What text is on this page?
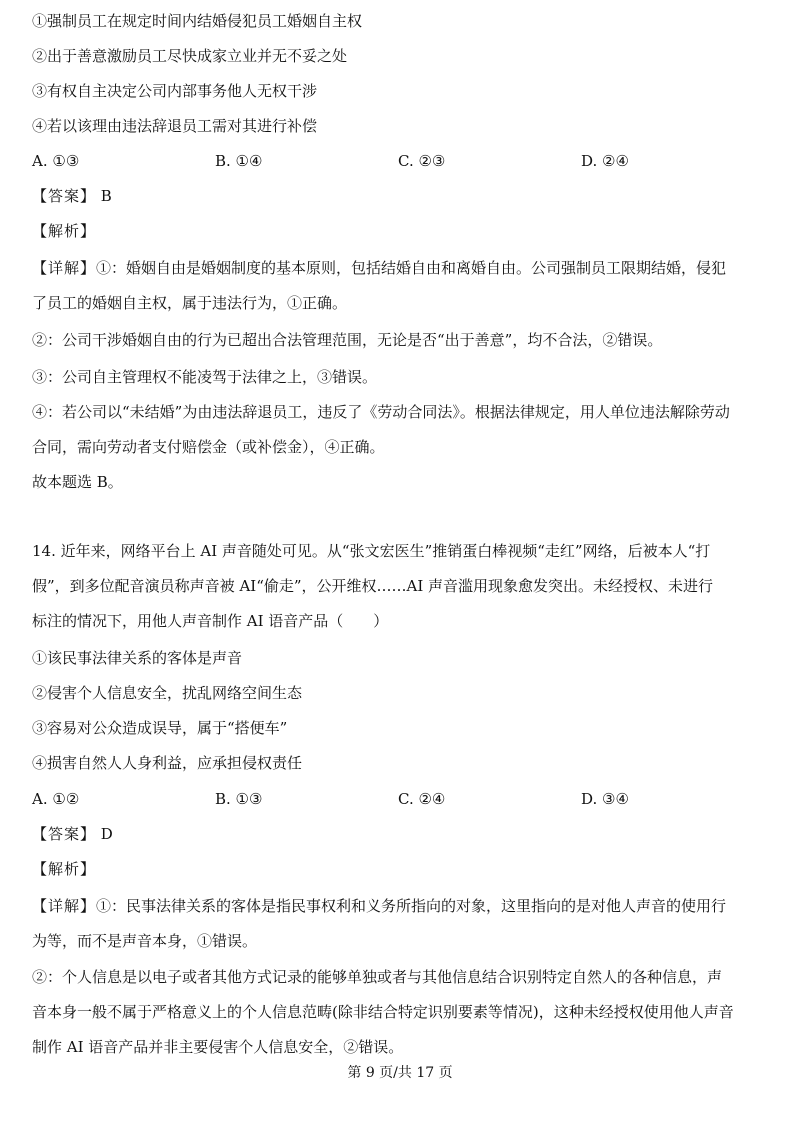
①强制员工在规定时间内结婚侵犯员工婚姻自主权
②出于善意激励员工尽快成家立业并无不妥之处
③有权自主决定公司内部事务他人无权干涉
④若以该理由违法辞退员工需对其进行补偿
A. ①③	B. ①④	C. ②③	D. ②④
【答案】 B
【解析】
【详解】①：婚姻自由是婚姻制度的基本原则，包括结婚自由和离婚自由。公司强制员工限期结婚，侵犯
了员工的婚姻自主权，属于违法行为，①正确。
②：公司干涉婚姻自由的行为已超出合法管理范围，无论是否“出于善意”，均不合法，②错误。
③：公司自主管理权不能凌驾于法律之上，③错误。
④：若公司以“未结婚”为由违法辞退员工，违反了《劳动合同法》。根据法律规定，用人单位违法解除劳动
合同，需向劳动者支付赔偿金（或补偿金），④正确。
故本题选 B。
14. 近年来，网络平台上 AI 声音随处可见。从“张文宏医生”推销蛋白棒视频“走红”网络，后被本人“打
假”，到多位配音演员称声音被 AI“偷走”，公开维权……AI 声音滥用现象愈发突出。未经授权、未进行
标注的情况下，用他人声音制作 AI 语音产品（　　）
①该民事法律关系的客体是声音
②侵害个人信息安全，扰乱网络空间生态
③容易对公众造成误导，属于“搭便车”
④损害自然人人身利益，应承担侵权责任
A. ①②	B. ①③	C. ②④	D. ③④
【答案】 D
【解析】
【详解】①：民事法律关系的客体是指民事权利和义务所指向的对象，这里指向的是对他人声音的使用行
为等，而不是声音本身，①错误。
②：个人信息是以电子或者其他方式记录的能够单独或者与其他信息结合识别特定自然人的各种信息，声
音本身一般不属于严格意义上的个人信息范畴(除非结合特定识别要素等情况)，这种未经授权使用他人声音
制作 AI 语音产品并非主要侵害个人信息安全，②错误。
第 9 页/共 17 页
